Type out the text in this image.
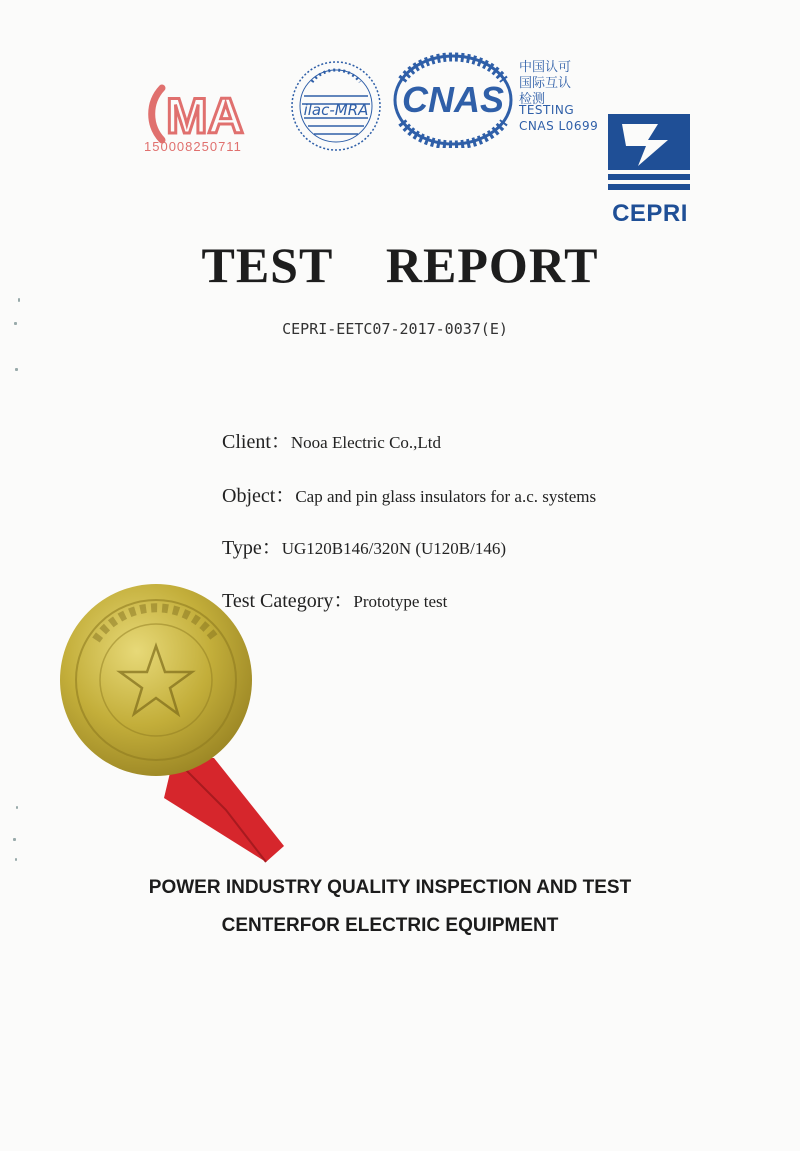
MA
150008250711
ilac-MRA CNAS
中国认可
国际互认
检测
TESTING
CNAS L0699
CEPRI
TEST REPORT
CEPRI-EETC07-2017-0037(E)
Client：Nooa Electric Co.,Ltd
Object：Cap and pin glass insulators for a.c. systems
Type：UG120B146/320N (U120B/146)
Test Category：Prototype test
POWER INDUSTRY QUALITY INSPECTION AND TEST
CENTERFOR ELECTRIC EQUIPMENT
